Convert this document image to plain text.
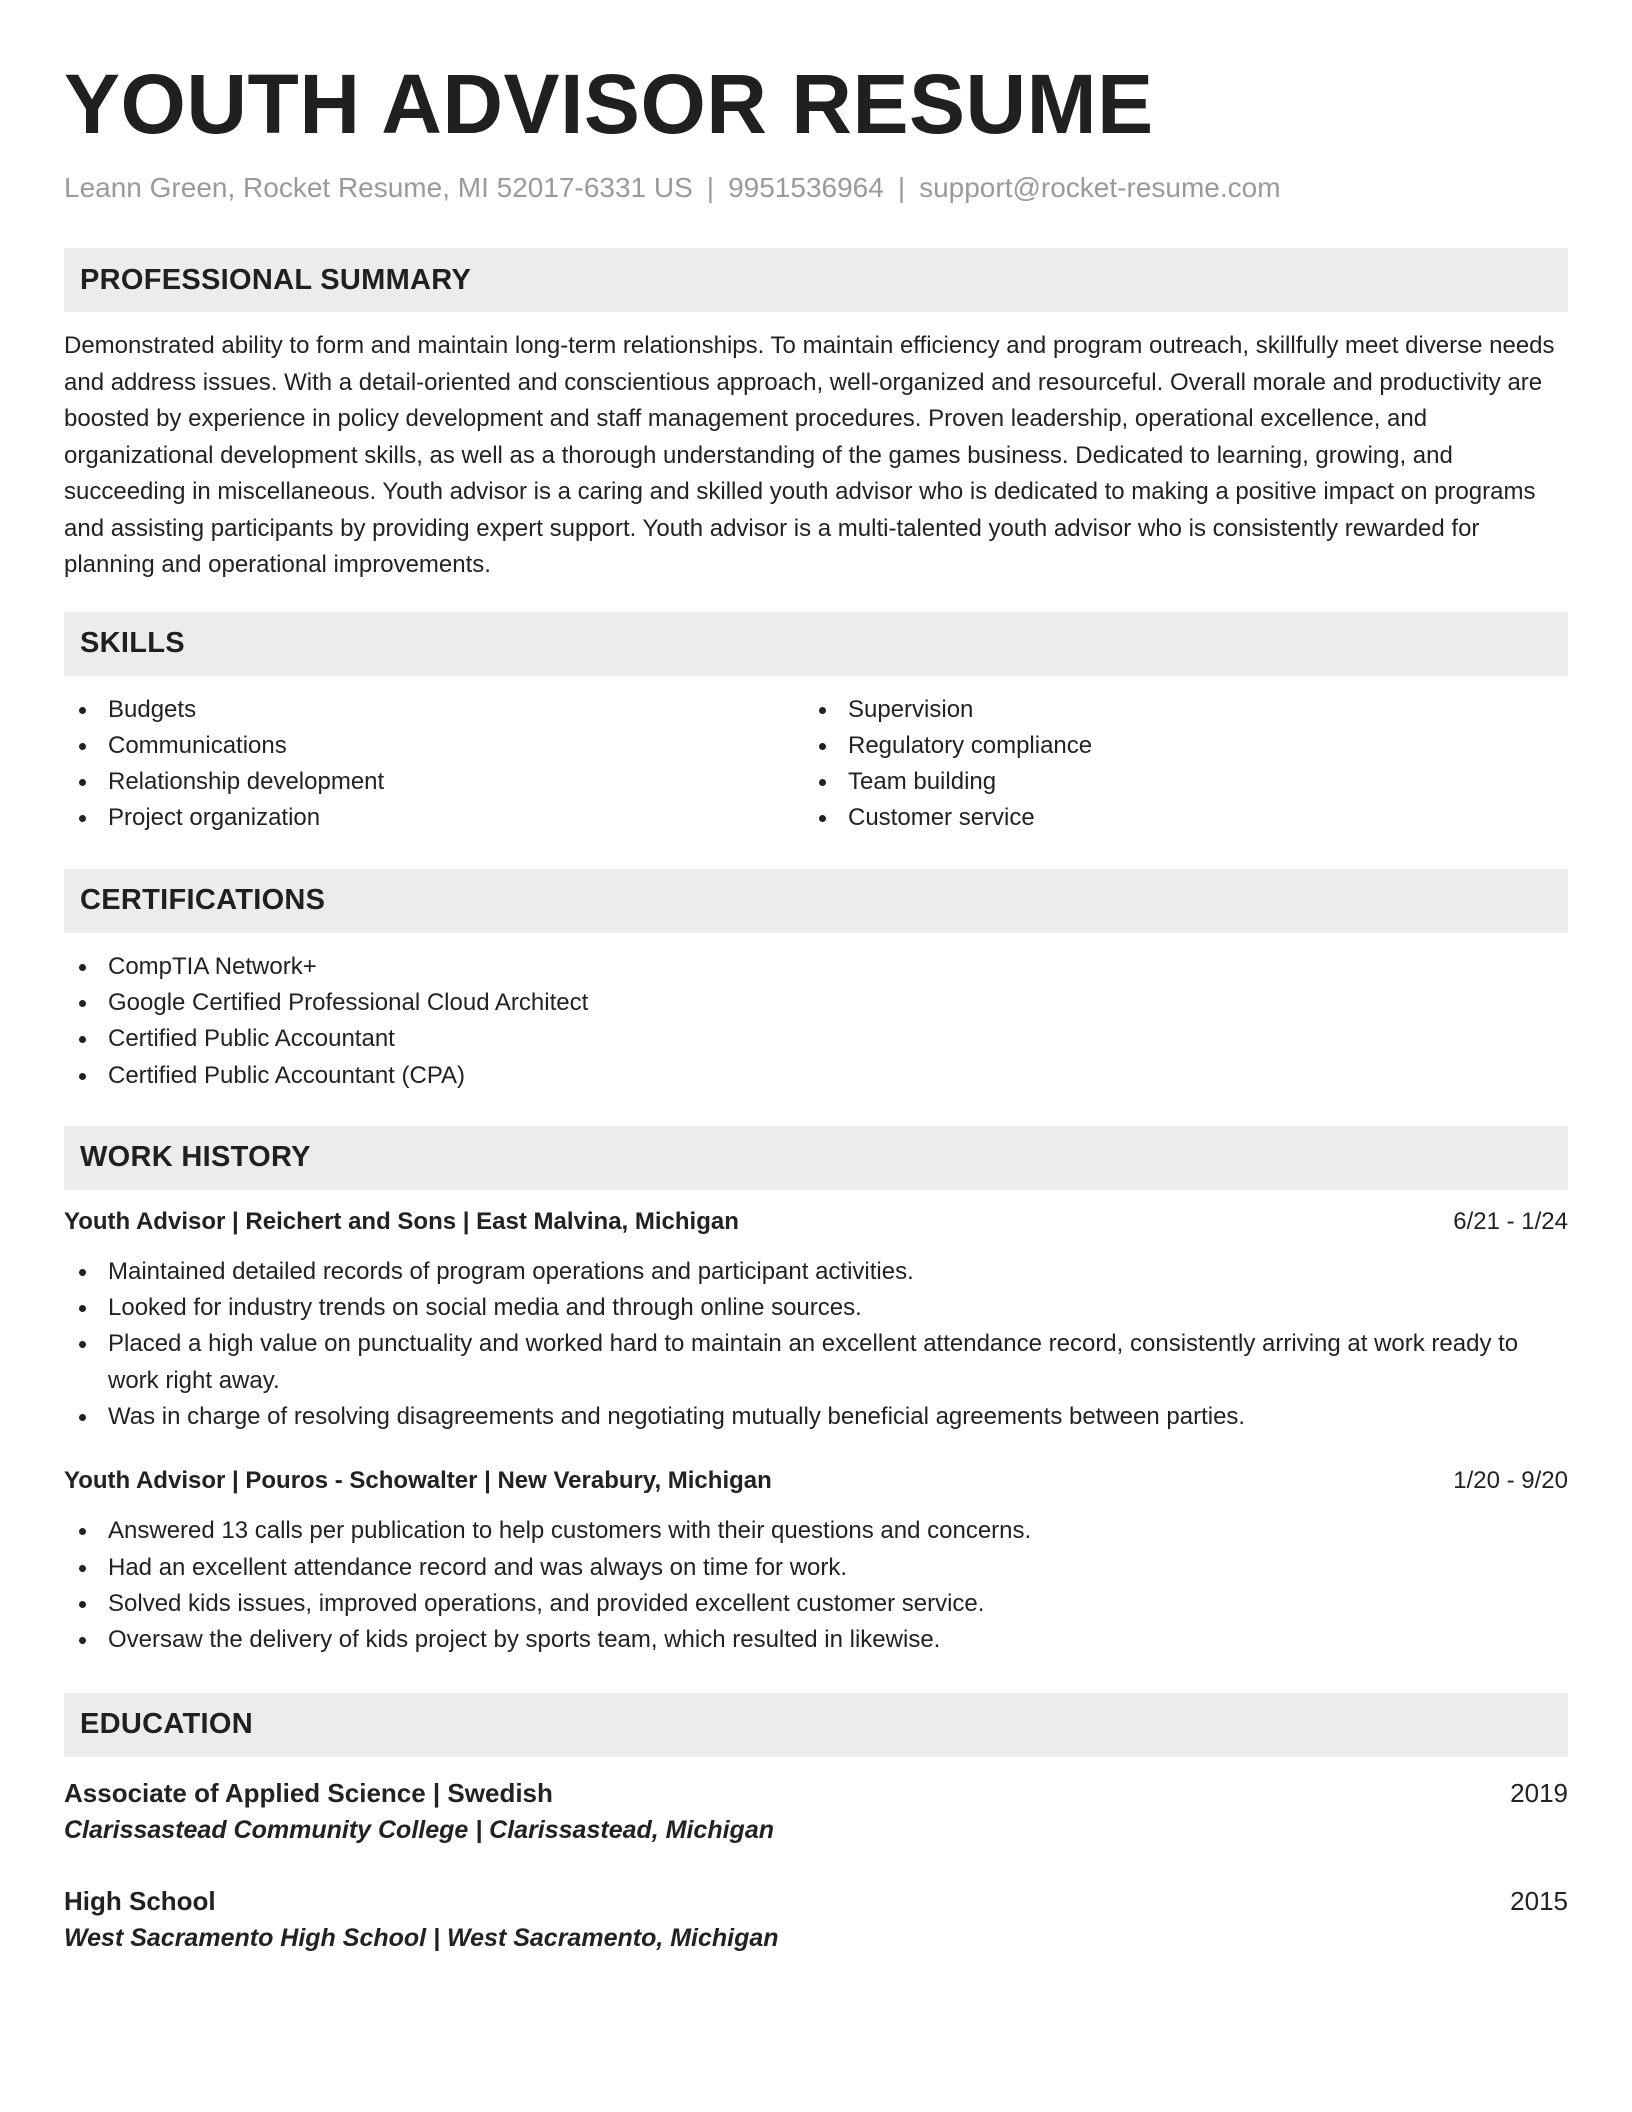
YOUTH ADVISOR RESUME
Leann Green, Rocket Resume, MI 52017-6331 US | 9951536964 | support@rocket-resume.com
PROFESSIONAL SUMMARY

Demonstrated ability to form and maintain long-term relationships. To maintain efficiency and program outreach, skillfully meet diverse needs and address issues. With a detail-oriented and conscientious approach, well-organized and resourceful. Overall morale and productivity are boosted by experience in policy development and staff management procedures. Proven leadership, operational excellence, and organizational development skills, as well as a thorough understanding of the games business. Dedicated to learning, growing, and succeeding in miscellaneous. Youth advisor is a caring and skilled youth advisor who is dedicated to making a positive impact on programs and assisting participants by providing expert support. Youth advisor is a multi-talented youth advisor who is consistently rewarded for planning and operational improvements.

SKILLS
Budgets
Communications
Relationship development
Project organization
Supervision
Regulatory compliance
Team building
Customer service
CERTIFICATIONS
CompTIA Network+
Google Certified Professional Cloud Architect
Certified Public Accountant
Certified Public Accountant (CPA)
WORK HISTORY
Youth Advisor | Reichert and Sons | East Malvina, Michigan	6/21 - 1/24
Maintained detailed records of program operations and participant activities.
Looked for industry trends on social media and through online sources.
Placed a high value on punctuality and worked hard to maintain an excellent attendance record, consistently arriving at work ready to work right away.
Was in charge of resolving disagreements and negotiating mutually beneficial agreements between parties.
Youth Advisor | Pouros - Schowalter | New Verabury, Michigan	1/20 - 9/20
Answered 13 calls per publication to help customers with their questions and concerns.
Had an excellent attendance record and was always on time for work.
Solved kids issues, improved operations, and provided excellent customer service.
Oversaw the delivery of kids project by sports team, which resulted in likewise.
EDUCATION
Associate of Applied Science | Swedish	2019
Clarissastead Community College | Clarissastead, Michigan
High School	2015
West Sacramento High School | West Sacramento, Michigan
